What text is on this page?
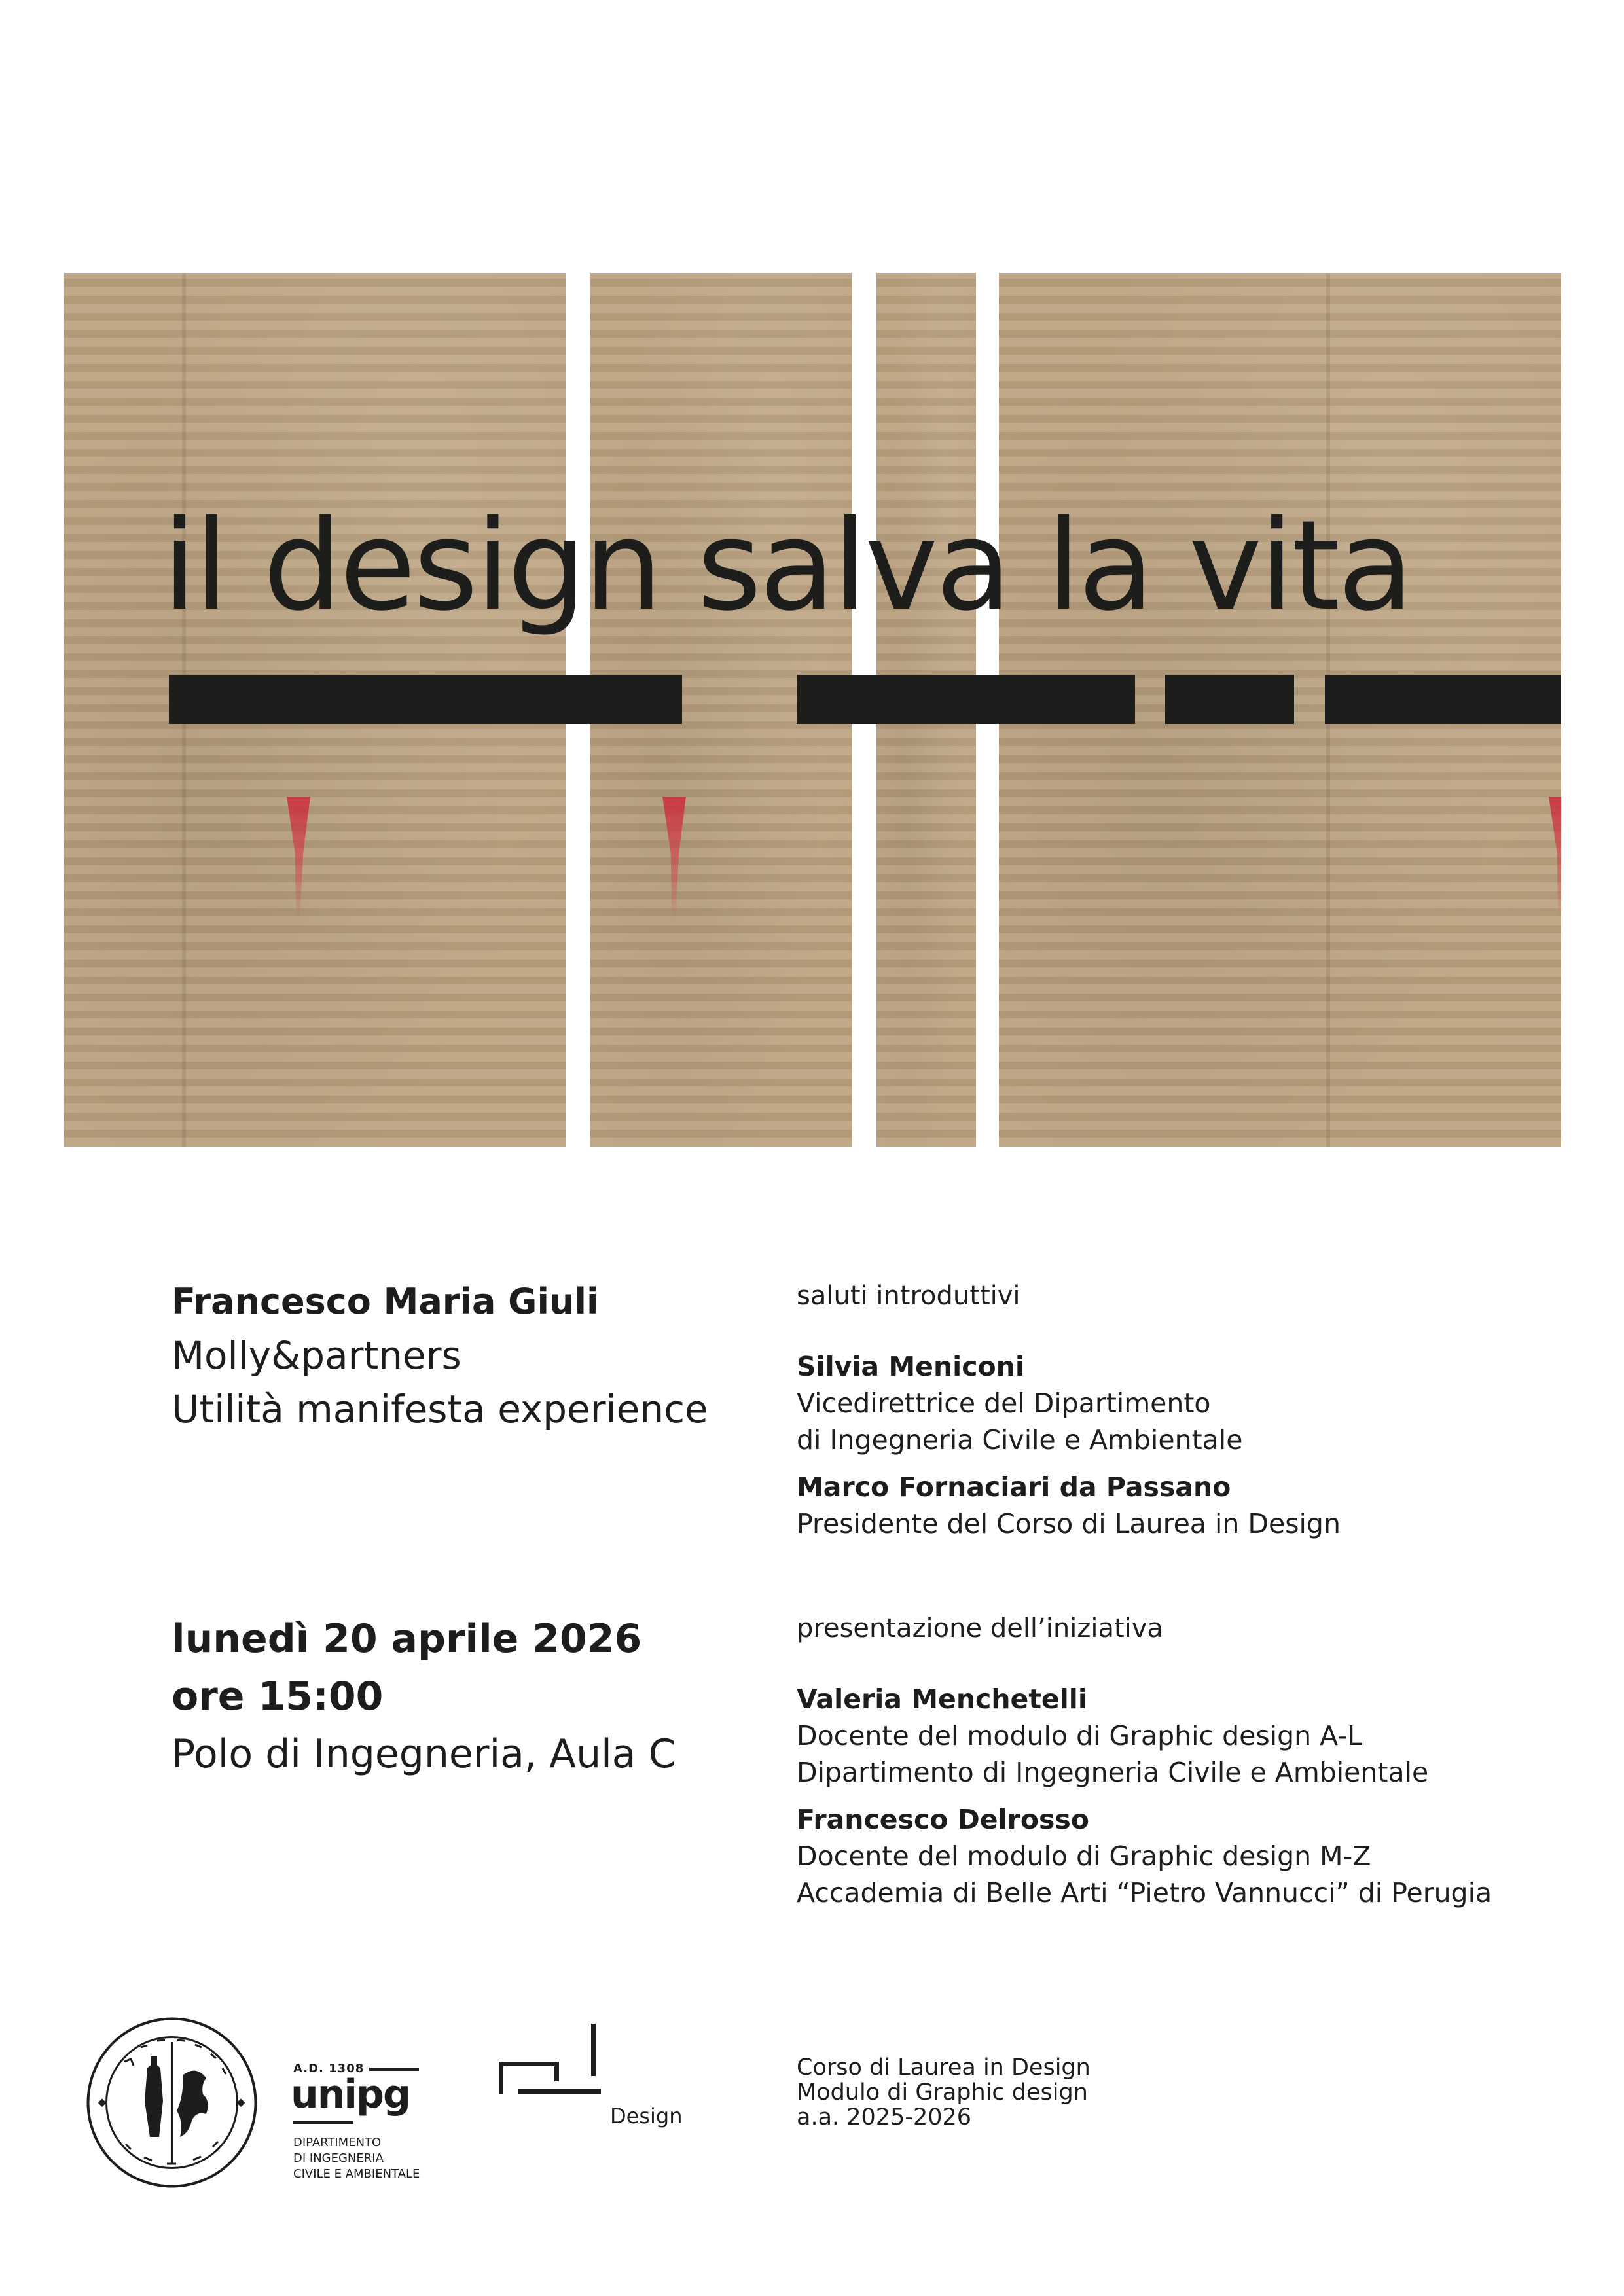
il design salva la vita
Francesco Maria Giuli
Molly&partners
Utilità manifesta experience
lunedì 20 aprile 2026
ore 15:00
Polo di Ingegneria, Aula C
saluti introduttivi
Silvia Meniconi
Vicedirettrice del Dipartimento
di Ingegneria Civile e Ambientale
Marco Fornaciari da Passano
Presidente del Corso di Laurea in Design
presentazione dell’iniziativa
Valeria Menchetelli
Docente del modulo di Graphic design A-L
Dipartimento di Ingegneria Civile e Ambientale
Francesco Delrosso
Docente del modulo di Graphic design M-Z
Accademia di Belle Arti “Pietro Vannucci” di Perugia
A.D. 1308
unipg
DIPARTIMENTO
DI INGEGNERIA
CIVILE E AMBIENTALE
Design
Corso di Laurea in Design
Modulo di Graphic design
a.a. 2025-2026
